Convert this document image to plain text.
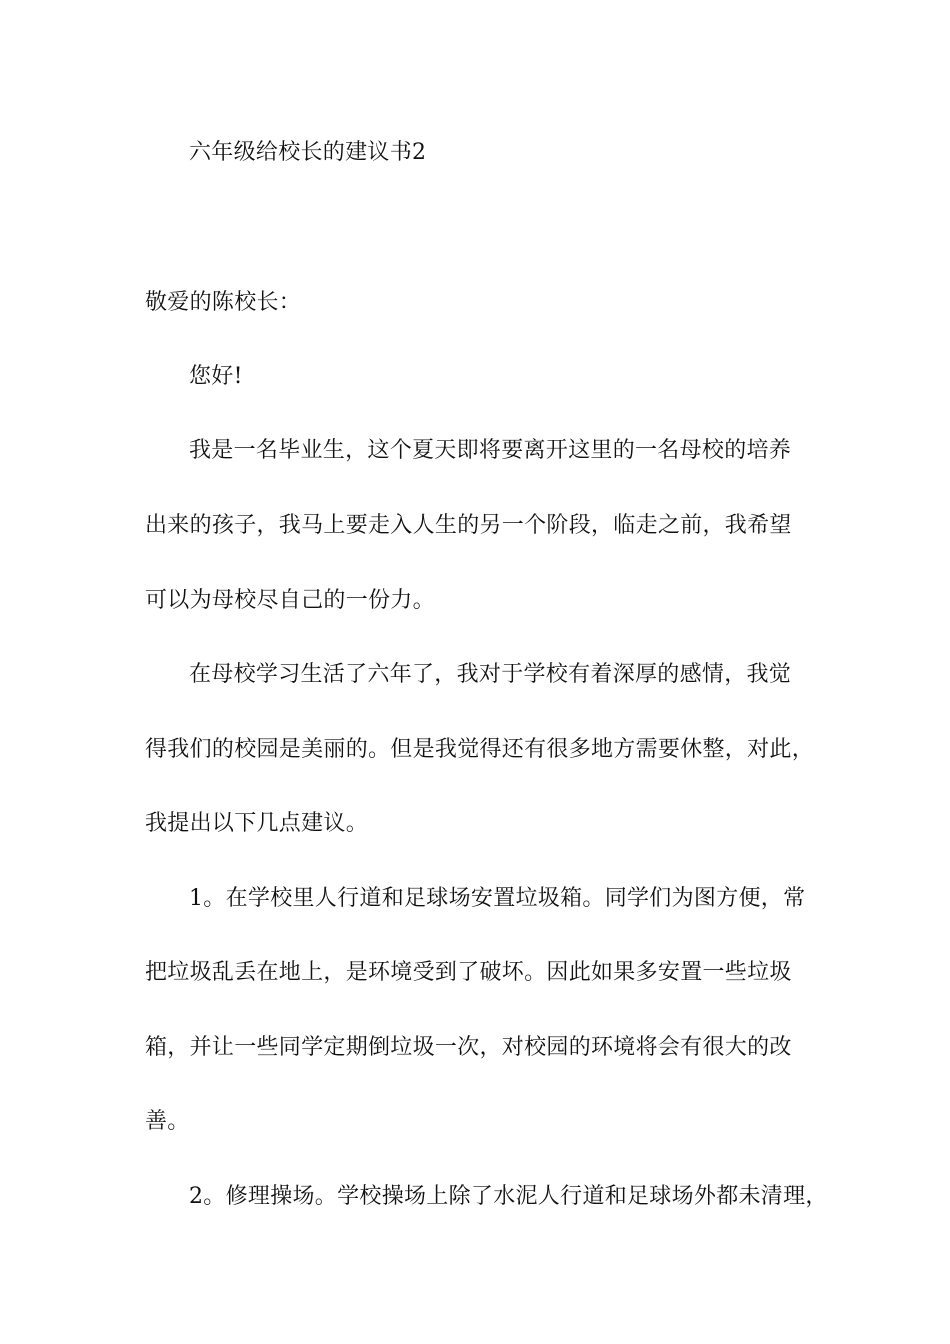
六年级给校长的建议书2
敬爱的陈校长：
您好!
我是一名毕业生，这个夏天即将要离开这里的一名母校的培养
出来的孩子，我马上要走入人生的另一个阶段，临走之前，我希望
可以为母校尽自己的一份力。
在母校学习生活了六年了，我对于学校有着深厚的感情，我觉
得我们的校园是美丽的。但是我觉得还有很多地方需要休整，对此，
我提出以下几点建议。
1。在学校里人行道和足球场安置垃圾箱。同学们为图方便，常
把垃圾乱丢在地上，是环境受到了破坏。因此如果多安置一些垃圾
箱，并让一些同学定期倒垃圾一次，对校园的环境将会有很大的改
善。
2。修理操场。学校操场上除了水泥人行道和足球场外都未清理，
